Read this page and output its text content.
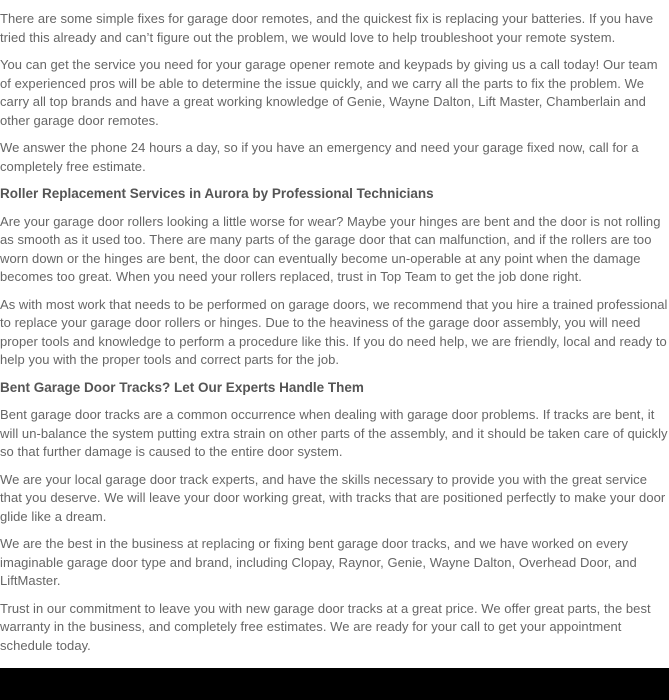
There are some simple fixes for garage door remotes, and the quickest fix is replacing your batteries. If you have tried this already and can’t figure out the problem, we would love to help troubleshoot your remote system.

You can get the service you need for your garage opener remote and keypads by giving us a call today! Our team of experienced pros will be able to determine the issue quickly, and we carry all the parts to fix the problem. We carry all top brands and have a great working knowledge of Genie, Wayne Dalton, Lift Master, Chamberlain and other garage door remotes.

We answer the phone 24 hours a day, so if you have an emergency and need your garage fixed now, call for a completely free estimate.

Roller Replacement Services in Aurora by Professional Technicians

Are your garage door rollers looking a little worse for wear? Maybe your hinges are bent and the door is not rolling as smooth as it used too. There are many parts of the garage door that can malfunction, and if the rollers are too worn down or the hinges are bent, the door can eventually become un-operable at any point when the damage becomes too great. When you need your rollers replaced, trust in Top Team to get the job done right.

As with most work that needs to be performed on garage doors, we recommend that you hire a trained professional to replace your garage door rollers or hinges. Due to the heaviness of the garage door assembly, you will need proper tools and knowledge to perform a procedure like this. If you do need help, we are friendly, local and ready to help you with the proper tools and correct parts for the job.

Bent Garage Door Tracks? Let Our Experts Handle Them

Bent garage door tracks are a common occurrence when dealing with garage door problems. If tracks are bent, it will un-balance the system putting extra strain on other parts of the assembly, and it should be taken care of quickly so that further damage is caused to the entire door system.

We are your local garage door track experts, and have the skills necessary to provide you with the great service that you deserve. We will leave your door working great, with tracks that are positioned perfectly to make your door glide like a dream.

We are the best in the business at replacing or fixing bent garage door tracks, and we have worked on every imaginable garage door type and brand, including Clopay, Raynor, Genie, Wayne Dalton, Overhead Door, and LiftMaster.

Trust in our commitment to leave you with new garage door tracks at a great price. We offer great parts, the best warranty in the business, and completely free estimates. We are ready for your call to get your appointment schedule today.
